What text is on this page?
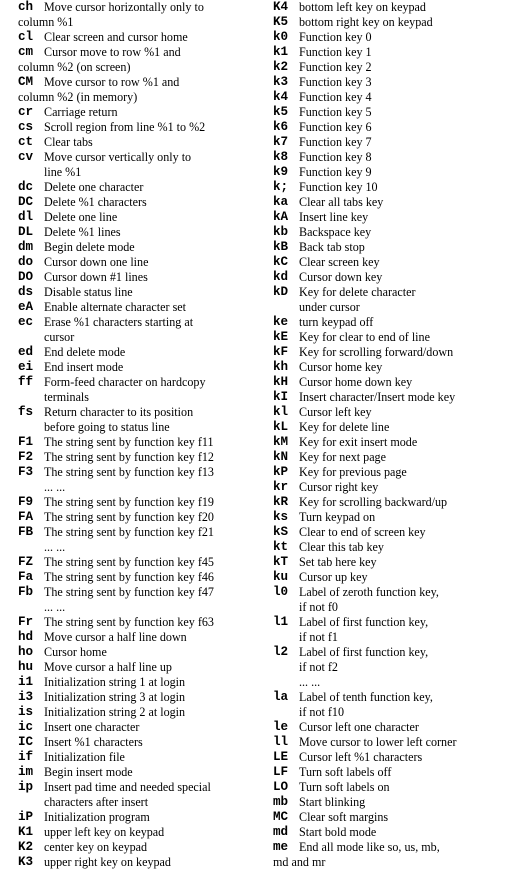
ch Move cursor horizontally only to
column %1
cl Clear screen and cursor home
cm Cursor move to row %1 and
column %2 (on screen)
CM Move cursor to row %1 and
column %2 (in memory)
cr Carriage return
cs Scroll region from line %1 to %2
ct Clear tabs
cv Move cursor vertically only to
line %1
dc Delete one character
DC Delete %1 characters
dl Delete one line
DL Delete %1 lines
dm Begin delete mode
do Cursor down one line
DO Cursor down #1 lines
ds Disable status line
eA Enable alternate character set
ec Erase %1 characters starting at
cursor
ed End delete mode
ei End insert mode
ff Form-feed character on hardcopy
terminals
fs Return character to its position
before going to status line
F1 The string sent by function key f11
F2 The string sent by function key f12
F3 The string sent by function key f13
... ...
F9 The string sent by function key f19
FA The string sent by function key f20
FB The string sent by function key f21
... ...
FZ The string sent by function key f45
Fa The string sent by function key f46
Fb The string sent by function key f47
... ...
Fr The string sent by function key f63
hd Move cursor a half line down
ho Cursor home
hu Move cursor a half line up
i1 Initialization string 1 at login
i3 Initialization string 3 at login
is Initialization string 2 at login
ic Insert one character
IC Insert %1 characters
if Initialization file
im Begin insert mode
ip Insert pad time and needed special
characters after insert
iP Initialization program
K1 upper left key on keypad
K2 center key on keypad
K3 upper right key on keypad
K4 bottom left key on keypad
K5 bottom right key on keypad
k0 Function key 0
k1 Function key 1
k2 Function key 2
k3 Function key 3
k4 Function key 4
k5 Function key 5
k6 Function key 6
k7 Function key 7
k8 Function key 8
k9 Function key 9
k; Function key 10
ka Clear all tabs key
kA Insert line key
kb Backspace key
kB Back tab stop
kC Clear screen key
kd Cursor down key
kD Key for delete character
under cursor
ke turn keypad off
kE Key for clear to end of line
kF Key for scrolling forward/down
kh Cursor home key
kH Cursor home down key
kI Insert character/Insert mode key
kl Cursor left key
kL Key for delete line
kM Key for exit insert mode
kN Key for next page
kP Key for previous page
kr Cursor right key
kR Key for scrolling backward/up
ks Turn keypad on
kS Clear to end of screen key
kt Clear this tab key
kT Set tab here key
ku Cursor up key
l0 Label of zeroth function key,
if not f0
l1 Label of first function key,
if not f1
l2 Label of first function key,
if not f2
... ...
la Label of tenth function key,
if not f10
le Cursor left one character
ll Move cursor to lower left corner
LE Cursor left %1 characters
LF Turn soft labels off
LO Turn soft labels on
mb Start blinking
MC Clear soft margins
md Start bold mode
me End all mode like so, us, mb,
md and mr
